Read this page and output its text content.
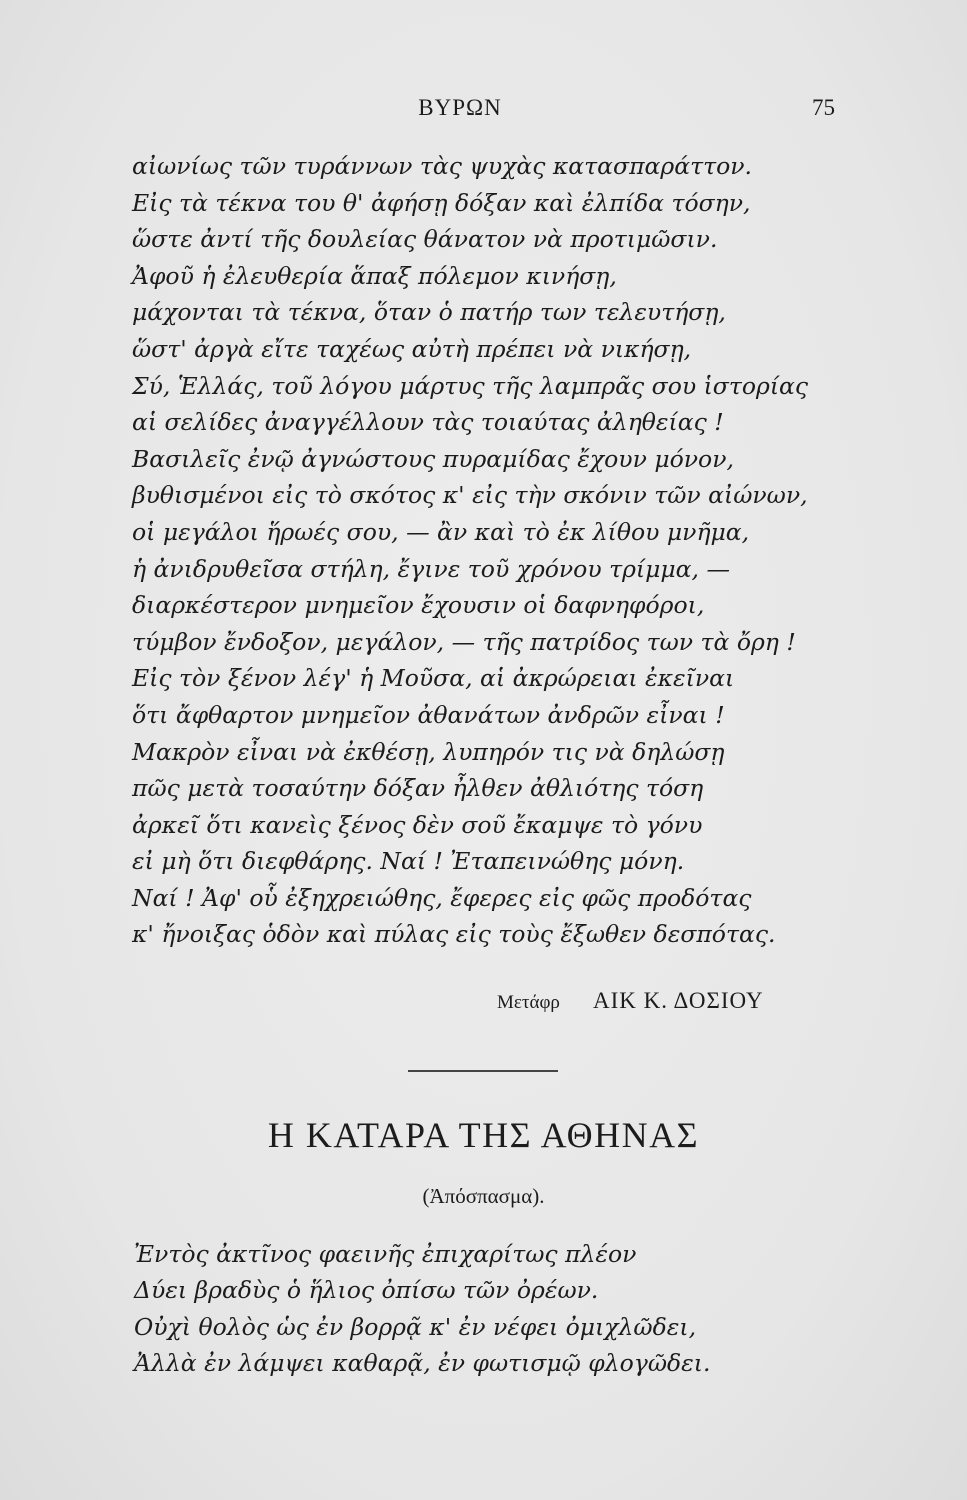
ΒΥΡΩΝ	75
αἰωνίως τῶν τυράννων τὰς ψυχὰς κατασπαράττον.
Εἰς τὰ τέκνα του θ' ἀφήσῃ δόξαν καὶ ἐλπίδα τόσην,
ὥστε ἀντί τῆς δουλείας θάνατον νὰ προτιμῶσιν.
Ἀφοῦ ἡ ἐλευθερία ἅπαξ πόλεμον κινήσῃ,
μάχονται τὰ τέκνα, ὅταν ὁ πατήρ των τελευτήσῃ,
ὥστ' ἀργὰ εἴτε ταχέως αὐτὴ πρέπει νὰ νικήσῃ,
Σύ, Ἑλλάς, τοῦ λόγου μάρτυς τῆς λαμπρᾶς σου ἱστορίας
αἱ σελίδες ἀναγγέλλουν τὰς τοιαύτας ἀληθείας !
Βασιλεῖς ἐνῷ ἀγνώστους πυραμίδας ἔχουν μόνον,
βυθισμένοι εἰς τὸ σκότος κ' εἰς τὴν σκόνιν τῶν αἰώνων,
οἱ μεγάλοι ἥρωές σου, — ἂν καὶ τὸ ἐκ λίθου μνῆμα,
ἡ ἀνιδρυθεῖσα στήλη, ἔγινε τοῦ χρόνου τρίμμα, —
διαρκέστερον μνημεῖον ἔχουσιν οἱ δαφνηφόροι,
τύμβον ἔνδοξον, μεγάλον, — τῆς πατρίδος των τὰ ὄρη !
Εἰς τὸν ξένον λέγ' ἡ Μοῦσα, αἱ ἀκρώρειαι ἐκεῖναι
ὅτι ἄφθαρτον μνημεῖον ἀθανάτων ἀνδρῶν εἶναι !
Μακρὸν εἶναι νὰ ἐκθέσῃ, λυπηρόν τις νὰ δηλώσῃ
πῶς μετὰ τοσαύτην δόξαν ἦλθεν ἀθλιότης τόση
ἀρκεῖ ὅτι κανεὶς ξένος δὲν σοῦ ἔκαμψε τὸ γόνυ
εἰ μὴ ὅτι διεφθάρης. Ναί ! Ἐταπεινώθης μόνη.
Ναί ! Ἀφ' οὗ ἐξηχρειώθης, ἔφερες εἰς φῶς προδότας
κ' ἤνοιξας ὁδὸν καὶ πύλας εἰς τοὺς ἔξωθεν δεσπότας.
Μετάφρ ΑΙΚ Κ. ΔΟΣΙΟΥ
Η ΚΑΤΑΡΑ ΤΗΣ ΑΘΗΝΑΣ
(Ἀπόσπασμα).
Ἐντὸς ἀκτῖνος φαεινῆς ἐπιχαρίτως πλέον
Δύει βραδὺς ὁ ἥλιος ὀπίσω τῶν ὀρέων.
Οὐχὶ θολὸς ὡς ἐν βορρᾷ κ' ἐν νέφει ὀμιχλῶδει,
Ἀλλὰ ἐν λάμψει καθαρᾷ, ἐν φωτισμῷ φλογῶδει.
